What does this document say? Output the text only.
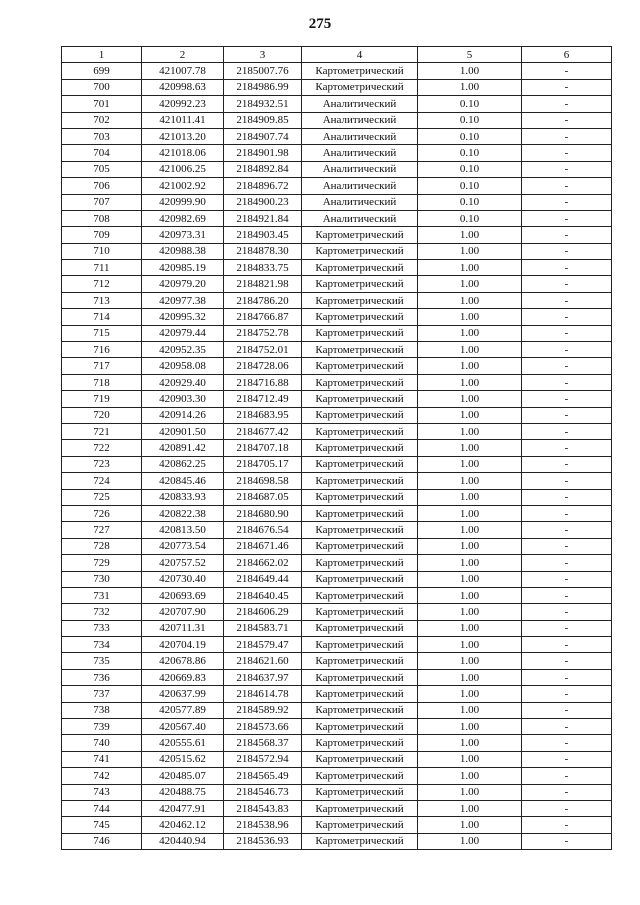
275
1	2	3	4	5	6
699	421007.78	2185007.76	Картометрический	1.00	-
700	420998.63	2184986.99	Картометрический	1.00	-
701	420992.23	2184932.51	Аналитический	0.10	-
702	421011.41	2184909.85	Аналитический	0.10	-
703	421013.20	2184907.74	Аналитический	0.10	-
704	421018.06	2184901.98	Аналитический	0.10	-
705	421006.25	2184892.84	Аналитический	0.10	-
706	421002.92	2184896.72	Аналитический	0.10	-
707	420999.90	2184900.23	Аналитический	0.10	-
708	420982.69	2184921.84	Аналитический	0.10	-
709	420973.31	2184903.45	Картометрический	1.00	-
710	420988.38	2184878.30	Картометрический	1.00	-
711	420985.19	2184833.75	Картометрический	1.00	-
712	420979.20	2184821.98	Картометрический	1.00	-
713	420977.38	2184786.20	Картометрический	1.00	-
714	420995.32	2184766.87	Картометрический	1.00	-
715	420979.44	2184752.78	Картометрический	1.00	-
716	420952.35	2184752.01	Картометрический	1.00	-
717	420958.08	2184728.06	Картометрический	1.00	-
718	420929.40	2184716.88	Картометрический	1.00	-
719	420903.30	2184712.49	Картометрический	1.00	-
720	420914.26	2184683.95	Картометрический	1.00	-
721	420901.50	2184677.42	Картометрический	1.00	-
722	420891.42	2184707.18	Картометрический	1.00	-
723	420862.25	2184705.17	Картометрический	1.00	-
724	420845.46	2184698.58	Картометрический	1.00	-
725	420833.93	2184687.05	Картометрический	1.00	-
726	420822.38	2184680.90	Картометрический	1.00	-
727	420813.50	2184676.54	Картометрический	1.00	-
728	420773.54	2184671.46	Картометрический	1.00	-
729	420757.52	2184662.02	Картометрический	1.00	-
730	420730.40	2184649.44	Картометрический	1.00	-
731	420693.69	2184640.45	Картометрический	1.00	-
732	420707.90	2184606.29	Картометрический	1.00	-
733	420711.31	2184583.71	Картометрический	1.00	-
734	420704.19	2184579.47	Картометрический	1.00	-
735	420678.86	2184621.60	Картометрический	1.00	-
736	420669.83	2184637.97	Картометрический	1.00	-
737	420637.99	2184614.78	Картометрический	1.00	-
738	420577.89	2184589.92	Картометрический	1.00	-
739	420567.40	2184573.66	Картометрический	1.00	-
740	420555.61	2184568.37	Картометрический	1.00	-
741	420515.62	2184572.94	Картометрический	1.00	-
742	420485.07	2184565.49	Картометрический	1.00	-
743	420488.75	2184546.73	Картометрический	1.00	-
744	420477.91	2184543.83	Картометрический	1.00	-
745	420462.12	2184538.96	Картометрический	1.00	-
746	420440.94	2184536.93	Картометрический	1.00	-
